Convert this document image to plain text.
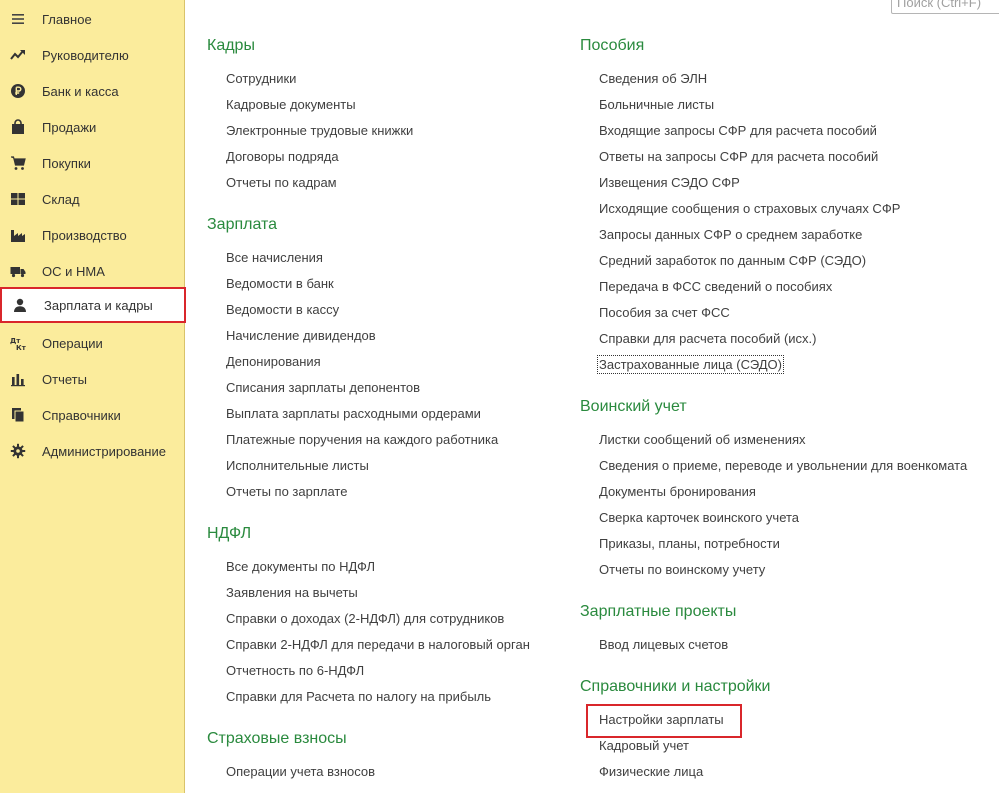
Главное
Руководителю
Банк и касса
Продажи
Покупки
Склад
Производство
ОС и НМА
Зарплата и кадры
Дт
Кт Операции
Отчеты
Справочники
Администрирование
Поиск (Ctrl+F)
Кадры
Сотрудники
Кадровые документы
Электронные трудовые книжки
Договоры подряда
Отчеты по кадрам
Зарплата
Все начисления
Ведомости в банк
Ведомости в кассу
Начисление дивидендов
Депонирования
Списания зарплаты депонентов
Выплата зарплаты расходными ордерами
Платежные поручения на каждого работника
Исполнительные листы
Отчеты по зарплате
НДФЛ
Все документы по НДФЛ
Заявления на вычеты
Справки о доходах (2-НДФЛ) для сотрудников
Справки 2-НДФЛ для передачи в налоговый орган
Отчетность по 6-НДФЛ
Справки для Расчета по налогу на прибыль
Страховые взносы
Операции учета взносов
Пособия
Сведения об ЭЛН
Больничные листы
Входящие запросы СФР для расчета пособий
Ответы на запросы СФР для расчета пособий
Извещения СЭДО СФР
Исходящие сообщения о страховых случаях СФР
Запросы данных СФР о среднем заработке
Средний заработок по данным СФР (СЭДО)
Передача в ФСС сведений о пособиях
Пособия за счет ФСС
Справки для расчета пособий (исх.)
Застрахованные лица (СЭДО)
Воинский учет
Листки сообщений об изменениях
Сведения о приеме, переводе и увольнении для военкомата
Документы бронирования
Сверка карточек воинского учета
Приказы, планы, потребности
Отчеты по воинскому учету
Зарплатные проекты
Ввод лицевых счетов
Справочники и настройки
Настройки зарплаты
Кадровый учет
Физические лица
